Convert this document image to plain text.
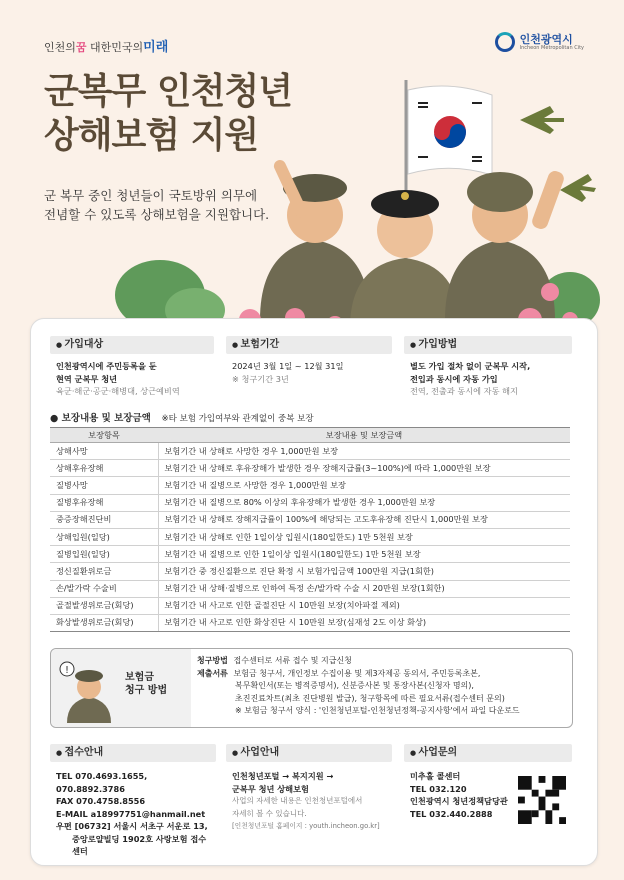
인천의꿈 대한민국의미래
인천광역시
Incheon Metropolitan City
군복무 인천청년
상해보험 지원
군 복무 중인 청년들이 국토방위 의무에
전념할 수 있도록 상해보험을 지원합니다.
● 가입대상
인천광역시에 주민등록을 둔
현역 군복무 청년
육군·해군·공군·해병대, 상근예비역
● 보험기간
2024년 3월 1일 ~ 12월 31일
※ 청구기간 3년
● 가입방법
별도 가입 절차 없이 군복무 시작,
전입과 동시에 자동 가입
전역, 전출과 동시에 자동 해지
● 보장내용 및 보장금액 ※타 보험 가입여부와 관계없이 중복 보장
보장항목	보장내용 및 보장금액
상해사망	보험기간 내 상해로 사망한 경우 1,000만원 보장
상해후유장해	보험기간 내 상해로 후유장해가 발생한 경우 장해지급률(3~100%)에 따라 1,000만원 보장
질병사망	보험기간 내 질병으로 사망한 경우 1,000만원 보장
질병후유장해	보험기간 내 질병으로 80% 이상의 후유장해가 발생한 경우 1,000만원 보장
중증장해진단비	보험기간 내 상해로 장해지급률이 100%에 해당되는 고도후유장해 진단시 1,000만원 보장
상해입원(일당)	보험기간 내 상해로 인한 1일이상 입원시(180일한도) 1만 5천원 보장
질병입원(일당)	보험기간 내 질병으로 인한 1일이상 입원시(180일한도) 1만 5천원 보장
정신질환위로금	보험기간 중 정신질환으로 진단 확정 시 보험가입금액 100만원 지급(1회한)
손/발가락 수술비	보험기간 내 상해·질병으로 인하여 특정 손/발가락 수술 시 20만원 보장(1회한)
골절발생위로금(회당)	보험기간 내 사고로 인한 골절진단 시 10만원 보장(치아파절 제외)
화상발생위로금(회당)	보험기간 내 사고로 인한 화상진단 시 10만원 보장(심재성 2도 이상 화상)
!
보험금
청구 방법
청구방법 접수센터로 서류 접수 및 지급신청
제출서류 보험금 청구서, 개인정보 수집이용 및 제3자제공 동의서, 주민등록초본,
복무확인서(또는 병적증명서), 신분증사본 및 통장사본(신청자 명의),
초진진료차트(최초 진단병원 발급), 청구항목에 따른 필요서류(접수센터 문의)
※ 보험금 청구서 양식 : '인천청년포털-인천청년정책-공지사항'에서 파일 다운로드
● 접수안내
TEL 070.4693.1655, 070.8892.3786
FAX 070.4758.8556
E-MAIL a18997751@hanmail.net
우편 [06732] 서울시 서초구 서운로 13,
중앙로얄빌딩 1902호 사랑보험 접수센터
● 사업안내
인천청년포털 → 복지지원 →
군복무 청년 상해보험
사업의 자세한 내용은 인천청년포털에서
자세히 볼 수 있습니다.
[인천청년포털 홈페이지 : youth.incheon.go.kr]
● 사업문의
미추홀 콜센터
TEL 032.120
인천광역시 청년정책담당관
TEL 032.440.2888
